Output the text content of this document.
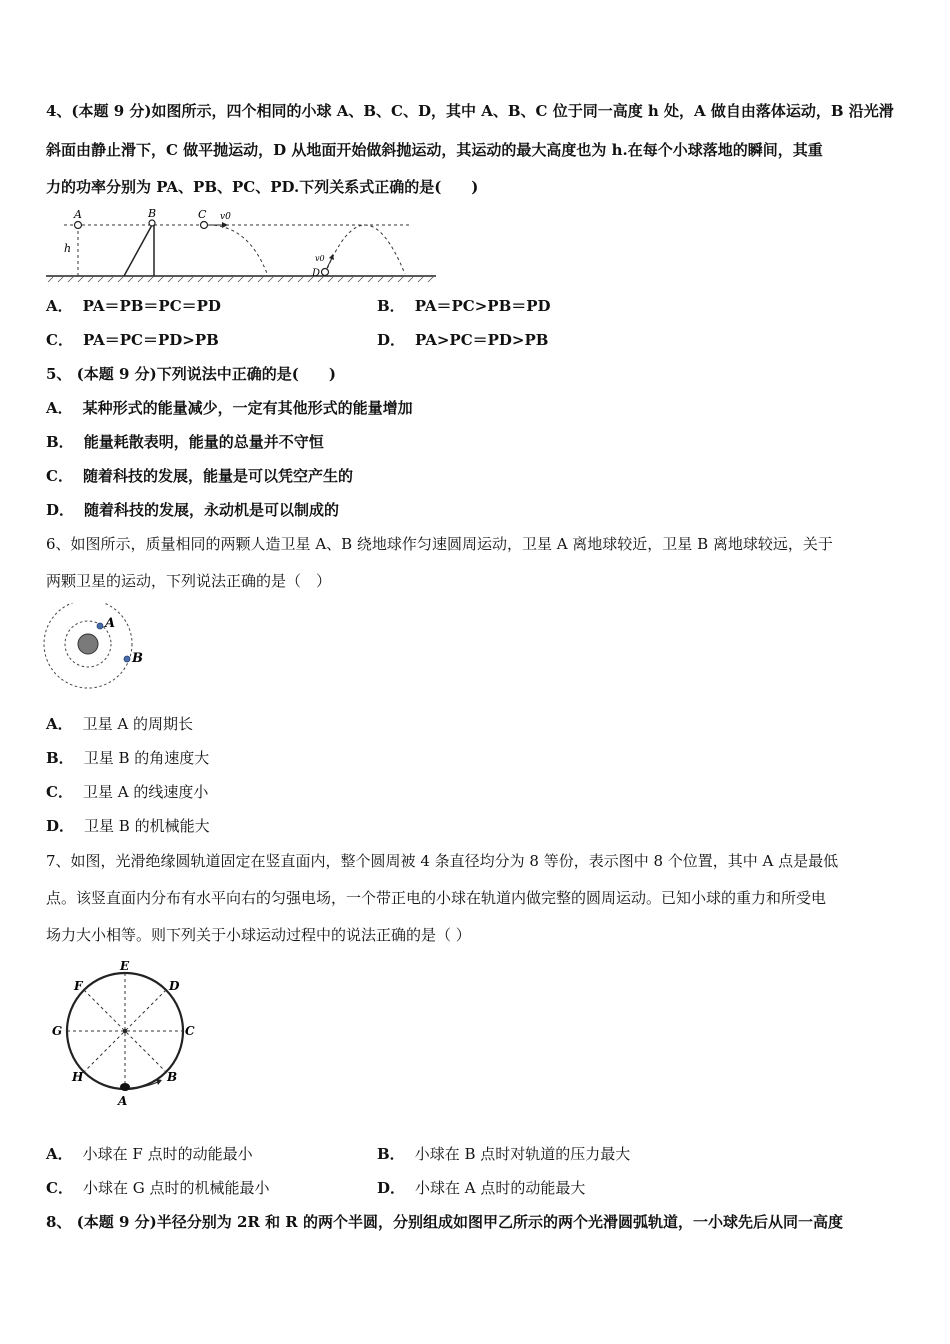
4、(本题 9 分)如图所示，四个相同的小球 A、B、C、D，其中 A、B、C 位于同一高度 h 处，A 做自由落体运动，B 沿光滑
斜面由静止滑下，C 做平抛运动，D 从地面开始做斜抛运动，其运动的最大高度也为 h.在每个小球落地的瞬间，其重
力的功率分别为 PA、PB、PC、PD.下列关系式正确的是(　　)
A	B
h
C v0
D
v0
A． PA＝PB＝PC＝PD	B． PA＝PC>PB＝PD
C． PA＝PC＝PD>PB	D． PA>PC＝PD>PB
5、 (本题 9 分)下列说法中正确的是(　　)
A． 某种形式的能量减少，一定有其他形式的能量增加
B． 能量耗散表明，能量的总量并不守恒
C． 随着科技的发展，能量是可以凭空产生的
D． 随着科技的发展，永动机是可以制成的
6、如图所示，质量相同的两颗人造卫星 A、B 绕地球作匀速圆周运动，卫星 A 离地球较近，卫星 B 离地球较远，关于
两颗卫星的运动，下列说法正确的是（　）
A
B
A． 卫星 A 的周期长
B． 卫星 B 的角速度大
C． 卫星 A 的线速度小
D． 卫星 B 的机械能大
7、如图，光滑绝缘圆轨道固定在竖直面内，整个圆周被 4 条直径均分为 8 等份，表示图中 8 个位置，其中 A 点是最低
点。该竖直面内分布有水平向右的匀强电场，一个带正电的小球在轨道内做完整的圆周运动。已知小球的重力和所受电
场力大小相等。则下列关于小球运动过程中的说法正确的是（ ）
E
D
F
G	C
H	B
A
A． 小球在 F 点时的动能最小	B． 小球在 B 点时对轨道的压力最大
C． 小球在 G 点时的机械能最小	D． 小球在 A 点时的动能最大
8、 (本题 9 分)半径分别为 2R 和 R 的两个半圆，分别组成如图甲乙所示的两个光滑圆弧轨道，一小球先后从同一高度
